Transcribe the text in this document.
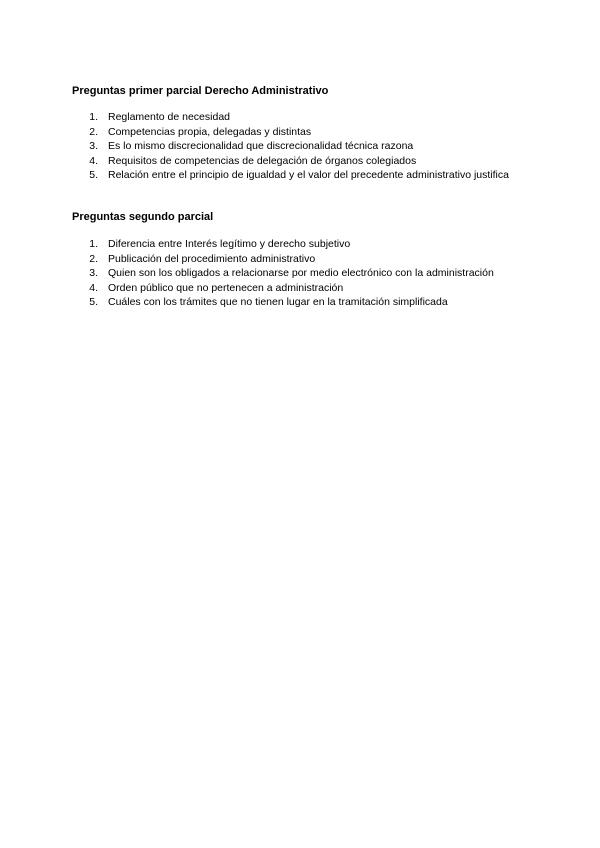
Preguntas primer parcial Derecho Administrativo
1. Reglamento de necesidad
2. Competencias propia, delegadas y distintas
3. Es lo mismo discrecionalidad que discrecionalidad técnica razona
4. Requisitos de competencias de delegación de órganos colegiados
5. Relación entre el principio de igualdad y el valor del precedente administrativo justifica
Preguntas segundo parcial
1. Diferencia entre Interés legítimo y derecho subjetivo
2. Publicación del procedimiento administrativo
3. Quien son los obligados a relacionarse por medio electrónico con la administración
4. Orden público que no pertenecen a administración
5. Cuáles con los trámites que no tienen lugar en la tramitación simplificada
